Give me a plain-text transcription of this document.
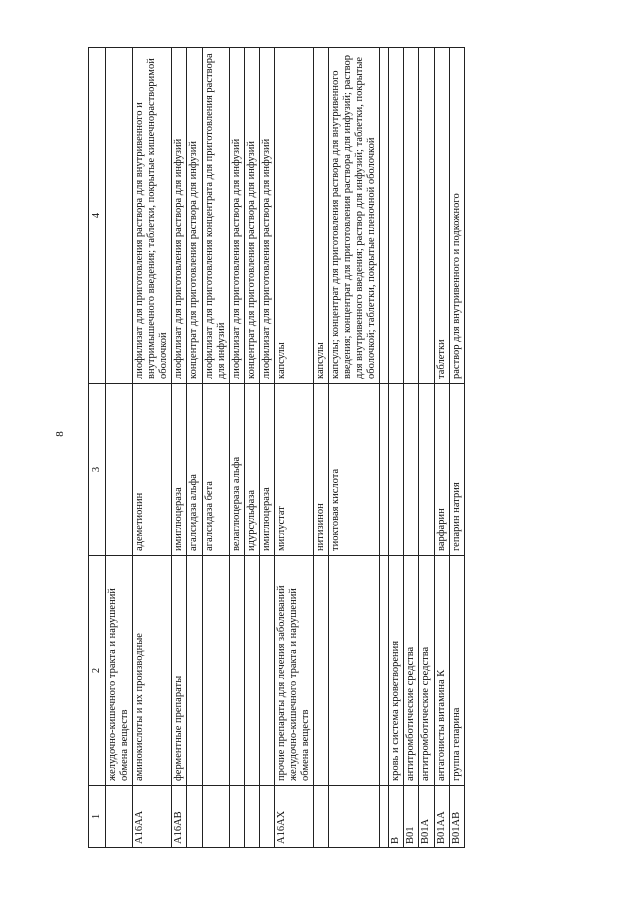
8
1	2	3	4
	желудочно-кишечного тракта и нарушений обмена веществ		
A16AA	аминокислоты и их производные	адеметионин	лиофилизат для приготовления раствора для внутривенного и внутримышечного введения; таблетки, покрытые кишечнорастворимой оболочкой
A16AB	ферментные препараты	имиглюцераза	лиофилизат для приготовления раствора для инфузий
		агалсидаза альфа	концентрат для приготовления раствора для инфузий
		агалсидаза бета	лиофилизат для приготовления концентрата для приготовления раствора для инфузий
		велаглюцераза альфа	лиофилизат для приготовления раствора для инфузий
		идурсульфаза	концентрат для приготовления раствора для инфузий
		имиглюцераза	лиофилизат для приготовления раствора для инфузий
A16AX	прочие препараты для лечения заболеваний желудочно-кишечного тракта и нарушений обмена веществ	миглустат	капсулы
		нитизинон	капсулы
		тиоктовая кислота	капсулы; концентрат для приготовления раствора для внутривенного введения; концентрат для приготовления раствора для инфузий; раствор для внутривенного введения; раствор для инфузий; таблетки, покрытые оболочкой; таблетки, покрытые пленочной оболочкой

B	кровь и система кроветворения		
B01	антитромботические средства		
B01A	антитромботические средства		
B01AA	антагонисты витамина К	варфарин	таблетки
B01AB	группа гепарина	гепарин натрия	раствор для внутривенного и подкожного
